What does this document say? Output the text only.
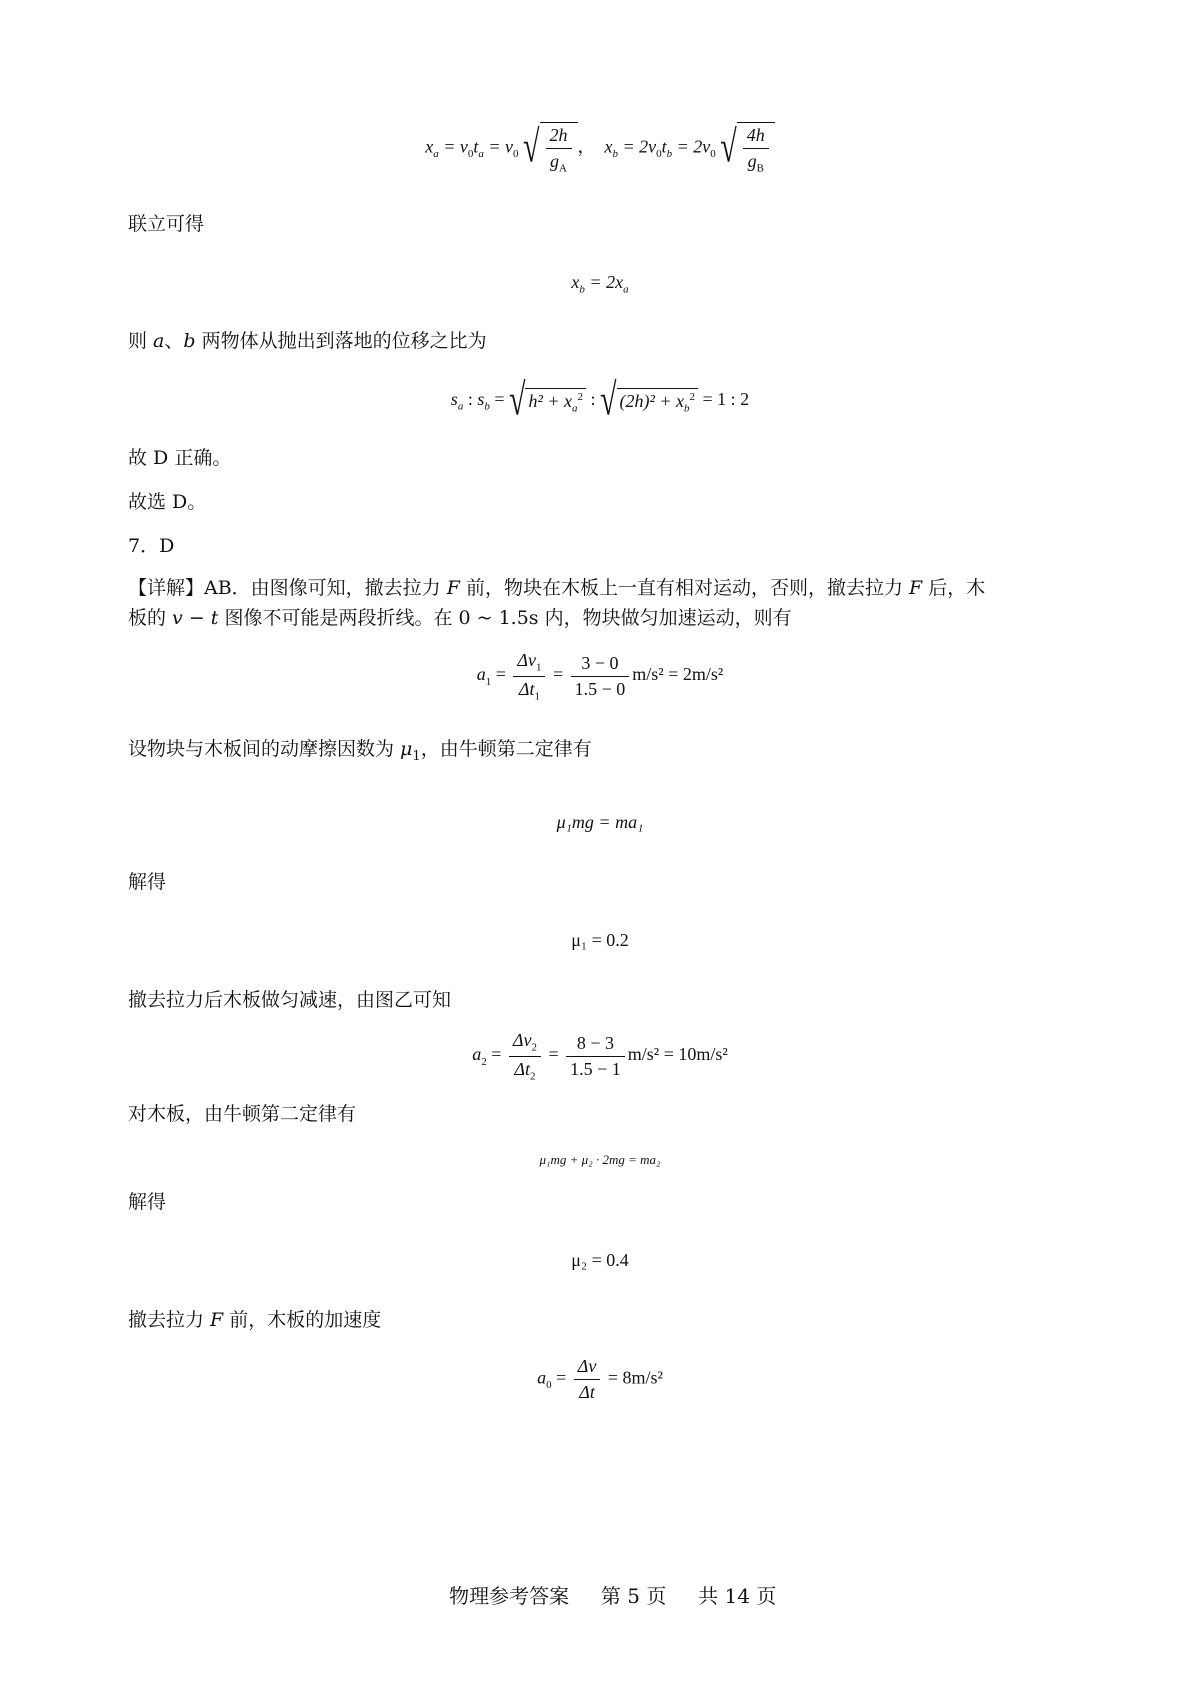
$x_a = v_0t_a = v_0$ √ $\frac{2h}{g_A}$ ， $x_b = 2v_0t_b = 2v_0$ √ $\frac{4h}{g_B}$
联立可得
$x_b = 2x_a$
则 a、b 两物体从抛出到落地的位移之比为
$s_a$ : $s_b$ = √ $h^2 + x_a^2$ : √ $(2h)^2 + x_b^2 = 1$ : 2
故 D 正确。
故选 D。
7．D
【详解】AB．由图像可知，撤去拉力 F 前，物块在木板上一直有相对运动，否则，撤去拉力 F 后，木
板的 v − t 图像不可能是两段折线。在 0 ~ 1.5s 内，物块做匀加速运动，则有
$a_1 = \frac{\Delta v_1}{\Delta t_1} = \frac{3 - 0}{1.5 - 0} m/s^2 = 2m/s^2$
设物块与木板间的动摩擦因数为 $\mu_1$，由牛顿第二定律有
μ₁mg = ma₁
解得
μ₁ = 0.2
撤去拉力后木板做匀减速，由图乙可知
$a_2 = \frac{\Delta v_2}{\Delta t_2} = \frac{8 - 3}{1.5 - 1} m/s^2 = 10m/s^2$
对木板，由牛顿第二定律有
μ₁mg + μ₂ · 2mg = ma₂
解得
μ₂ = 0.4
撤去拉力 F 前，木板的加速度
$a_0 = \frac{\Delta v}{\Delta t} = 8m/s^2$

物理参考答案 第 5 页 共 14 页
